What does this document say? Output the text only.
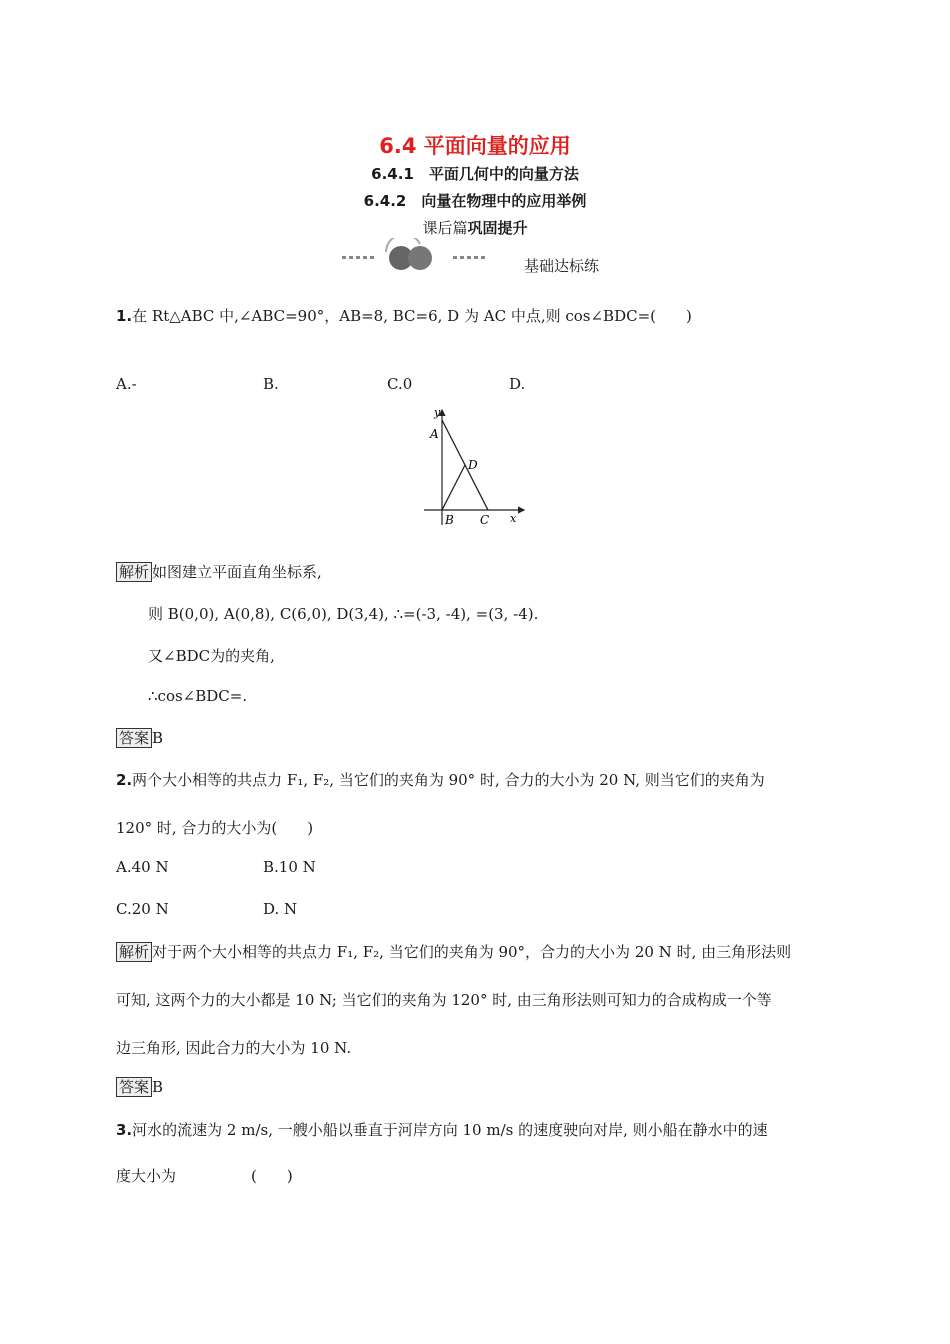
6.4 平面向量的应用
6.4.1　平面几何中的向量方法
6.4.2　向量在物理中的应用举例
课后篇巩固提升
基础达标练
1.在 Rt△ABC 中,∠ABC=90°，AB=8, BC=6, D 为 AC 中点,则 cos∠BDC=(　　)
A.-	B.	C.0	D.
y
A
D
B C x
解析 如图建立平面直角坐标系,
则 B(0,0), A(0,8), C(6,0), D(3,4), ∴=(-3, -4), =(3, -4).
又∠BDC为的夹角,
∴cos∠BDC=.
答案 B
2.两个大小相等的共点力 F₁, F₂, 当它们的夹角为 90° 时, 合力的大小为 20 N, 则当它们的夹角为
120° 时, 合力的大小为(　　)
A.40 N	B.10 N
C.20 N	D. N
解析 对于两个大小相等的共点力 F₁, F₂, 当它们的夹角为 90°，合力的大小为 20 N 时, 由三角形法则
可知, 这两个力的大小都是 10 N; 当它们的夹角为 120° 时, 由三角形法则可知力的合成构成一个等
边三角形, 因此合力的大小为 10 N.
答案 B
3.河水的流速为 2 m/s, 一艘小船以垂直于河岸方向 10 m/s 的速度驶向对岸, 则小船在静水中的速
度大小为　　　　　(　　)
